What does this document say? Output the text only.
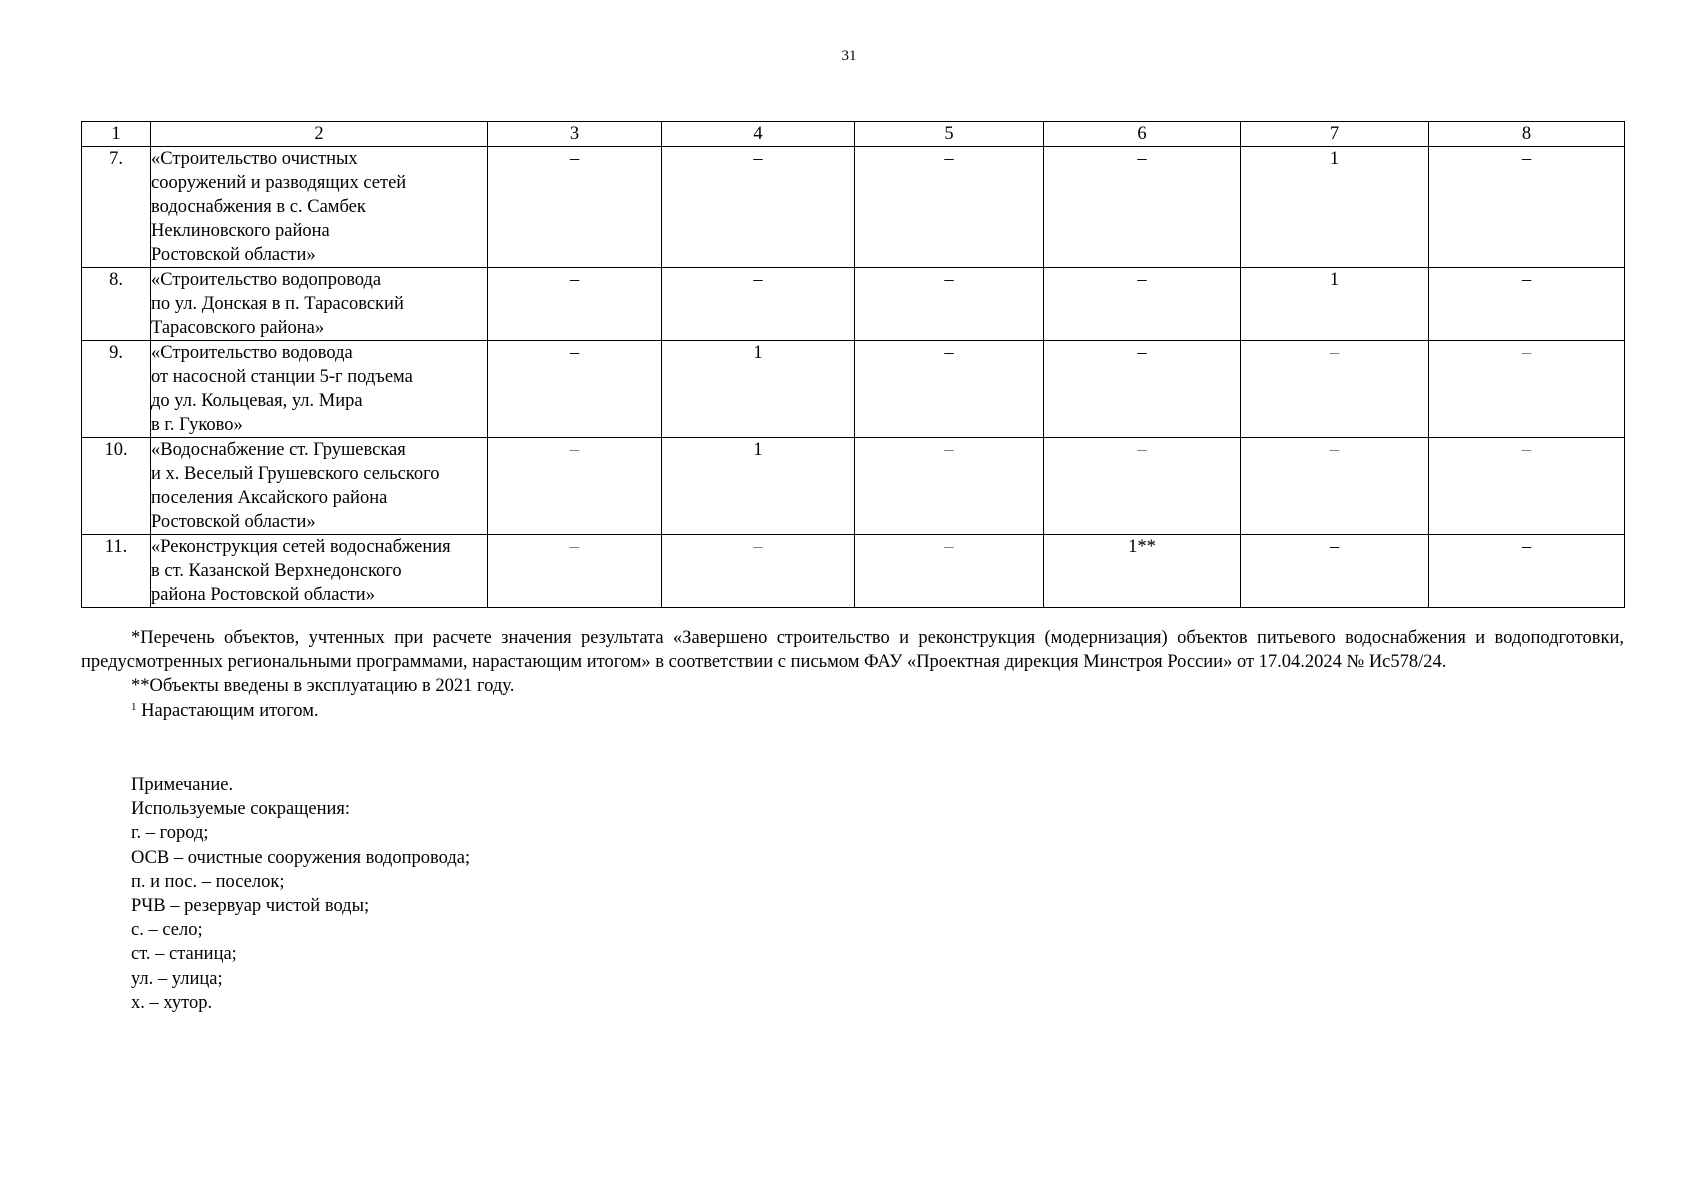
31
1	2	3	4	5	6	7	8
7.	«Строительство очистных
сооружений и разводящих сетей
водоснабжения в с. Самбек
Неклиновского района
Ростовской области»	–	–	–	–	1	–
8.	«Строительство водопровода
по ул. Донская в п. Тарасовский
Тарасовского района»	–	–	–	–	1	–
9.	«Строительство водовода
от насосной станции 5-г подъема
до ул. Кольцевая, ул. Мира
в г. Гуково»	–	1	–	–	–	–
10.	«Водоснабжение ст. Грушевская
и х. Веселый Грушевского сельского
поселения Аксайского района
Ростовской области»	–	1	–	–	–	–
11.	«Реконструкция сетей водоснабжения
в ст. Казанской Верхнедонского
района Ростовской области»	–	–	–	1**	–	–

*Перечень объектов, учтенных при расчете значения результата «Завершено строительство и реконструкция (модернизация) объектов питьевого водоснабжения и водоподготовки, предусмотренных региональными программами, нарастающим итогом» в соответствии с письмом ФАУ «Проектная дирекция Минстроя России» от 17.04.2024 № Ис578/24.

**Объекты введены в эксплуатацию в 2021 году.

$^1$ Нарастающим итогом.

Примечание.
Используемые сокращения:
г. – город;
ОСВ – очистные сооружения водопровода;
п. и пос. – поселок;
РЧВ – резервуар чистой воды;
с. – село;
ст. – станица;
ул. – улица;
х. – хутор.
